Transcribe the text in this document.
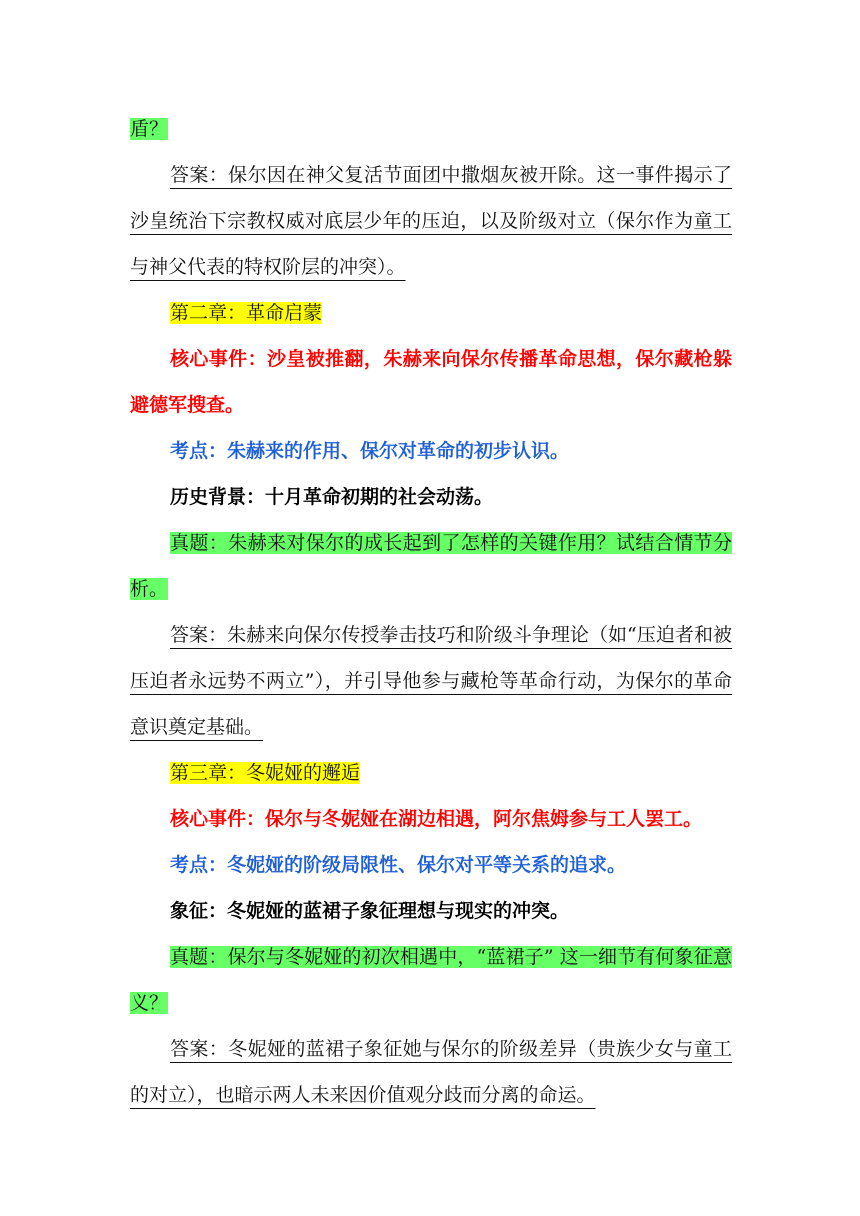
盾？

答案：保尔因在神父复活节面团中撒烟灰被开除。这一事件揭示了沙皇统治下宗教权威对底层少年的压迫，以及阶级对立（保尔作为童工与神父代表的特权阶层的冲突）。

第二章：革命启蒙

核心事件：沙皇被推翻，朱赫来向保尔传播革命思想，保尔藏枪躲避德军搜查。

考点：朱赫来的作用、保尔对革命的初步认识。

历史背景：十月革命初期的社会动荡。

真题：朱赫来对保尔的成长起到了怎样的关键作用？试结合情节分析。

答案：朱赫来向保尔传授拳击技巧和阶级斗争理论（如“压迫者和被压迫者永远势不两立”），并引导他参与藏枪等革命行动，为保尔的革命意识奠定基础。

第三章：冬妮娅的邂逅

核心事件：保尔与冬妮娅在湖边相遇，阿尔焦姆参与工人罢工。

考点：冬妮娅的阶级局限性、保尔对平等关系的追求。

象征：冬妮娅的蓝裙子象征理想与现实的冲突。

真题：保尔与冬妮娅的初次相遇中，“蓝裙子” 这一细节有何象征意义？

答案：冬妮娅的蓝裙子象征她与保尔的阶级差异（贵族少女与童工的对立），也暗示两人未来因价值观分歧而分离的命运。
